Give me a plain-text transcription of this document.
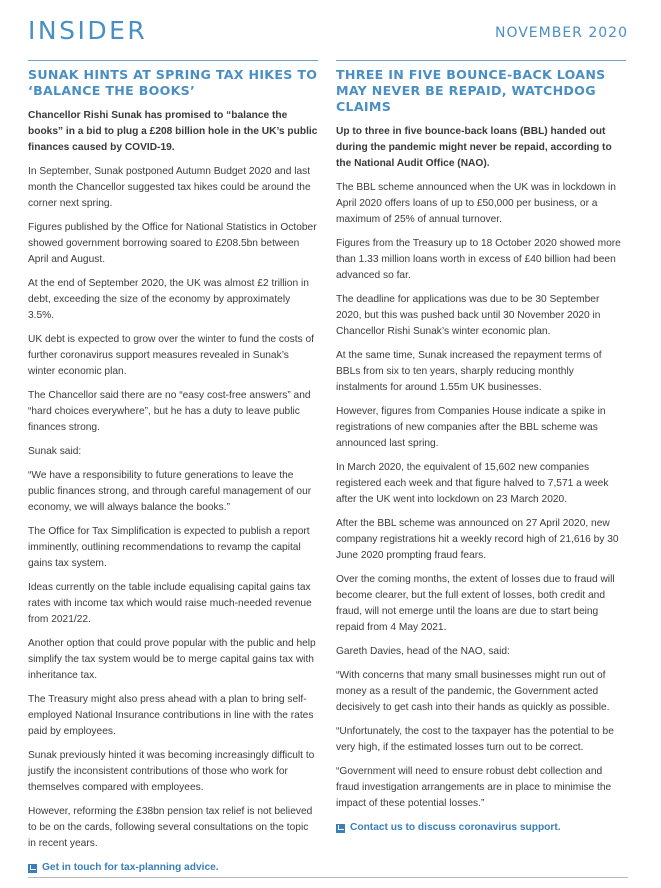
INSIDER	NOVEMBER 2020
SUNAK HINTS AT SPRING TAX HIKES TO ‘BALANCE THE BOOKS’

Chancellor Rishi Sunak has promised to “balance the books” in a bid to plug a £208 billion hole in the UK’s public finances caused by COVID-19.

In September, Sunak postponed Autumn Budget 2020 and last month the Chancellor suggested tax hikes could be around the corner next spring.

Figures published by the Office for National Statistics in October showed government borrowing soared to £208.5bn between April and August.

At the end of September 2020, the UK was almost £2 trillion in debt, exceeding the size of the economy by approximately 3.5%.

UK debt is expected to grow over the winter to fund the costs of further coronavirus support measures revealed in Sunak’s winter economic plan.

The Chancellor said there are no “easy cost-free answers” and “hard choices everywhere”, but he has a duty to leave public finances strong.

Sunak said:

“We have a responsibility to future generations to leave the public finances strong, and through careful management of our economy, we will always balance the books.”

The Office for Tax Simplification is expected to publish a report imminently, outlining recommendations to revamp the capital gains tax system.

Ideas currently on the table include equalising capital gains tax rates with income tax which would raise much-needed revenue from 2021/22.

Another option that could prove popular with the public and help simplify the tax system would be to merge capital gains tax with inheritance tax.

The Treasury might also press ahead with a plan to bring self-employed National Insurance contributions in line with the rates paid by employees.

Sunak previously hinted it was becoming increasingly difficult to justify the inconsistent contributions of those who work for themselves compared with employees.

However, reforming the £38bn pension tax relief is not believed to be on the cards, following several consultations on the topic in recent years.

Get in touch for tax-planning advice.
THREE IN FIVE BOUNCE-BACK LOANS MAY NEVER BE REPAID, WATCHDOG CLAIMS

Up to three in five bounce-back loans (BBL) handed out during the pandemic might never be repaid, according to the National Audit Office (NAO).

The BBL scheme announced when the UK was in lockdown in April 2020 offers loans of up to £50,000 per business, or a maximum of 25% of annual turnover.

Figures from the Treasury up to 18 October 2020 showed more than 1.33 million loans worth in excess of £40 billion had been advanced so far.

The deadline for applications was due to be 30 September 2020, but this was pushed back until 30 November 2020 in Chancellor Rishi Sunak’s winter economic plan.

At the same time, Sunak increased the repayment terms of BBLs from six to ten years, sharply reducing monthly instalments for around 1.55m UK businesses.

However, figures from Companies House indicate a spike in registrations of new companies after the BBL scheme was announced last spring.

In March 2020, the equivalent of 15,602 new companies registered each week and that figure halved to 7,571 a week after the UK went into lockdown on 23 March 2020.

After the BBL scheme was announced on 27 April 2020, new company registrations hit a weekly record high of 21,616 by 30 June 2020 prompting fraud fears.

Over the coming months, the extent of losses due to fraud will become clearer, but the full extent of losses, both credit and fraud, will not emerge until the loans are due to start being repaid from 4 May 2021.

Gareth Davies, head of the NAO, said:

“With concerns that many small businesses might run out of money as a result of the pandemic, the Government acted decisively to get cash into their hands as quickly as possible.

“Unfortunately, the cost to the taxpayer has the potential to be very high, if the estimated losses turn out to be correct.

“Government will need to ensure robust debt collection and fraud investigation arrangements are in place to minimise the impact of these potential losses.”

Contact us to discuss coronavirus support.
